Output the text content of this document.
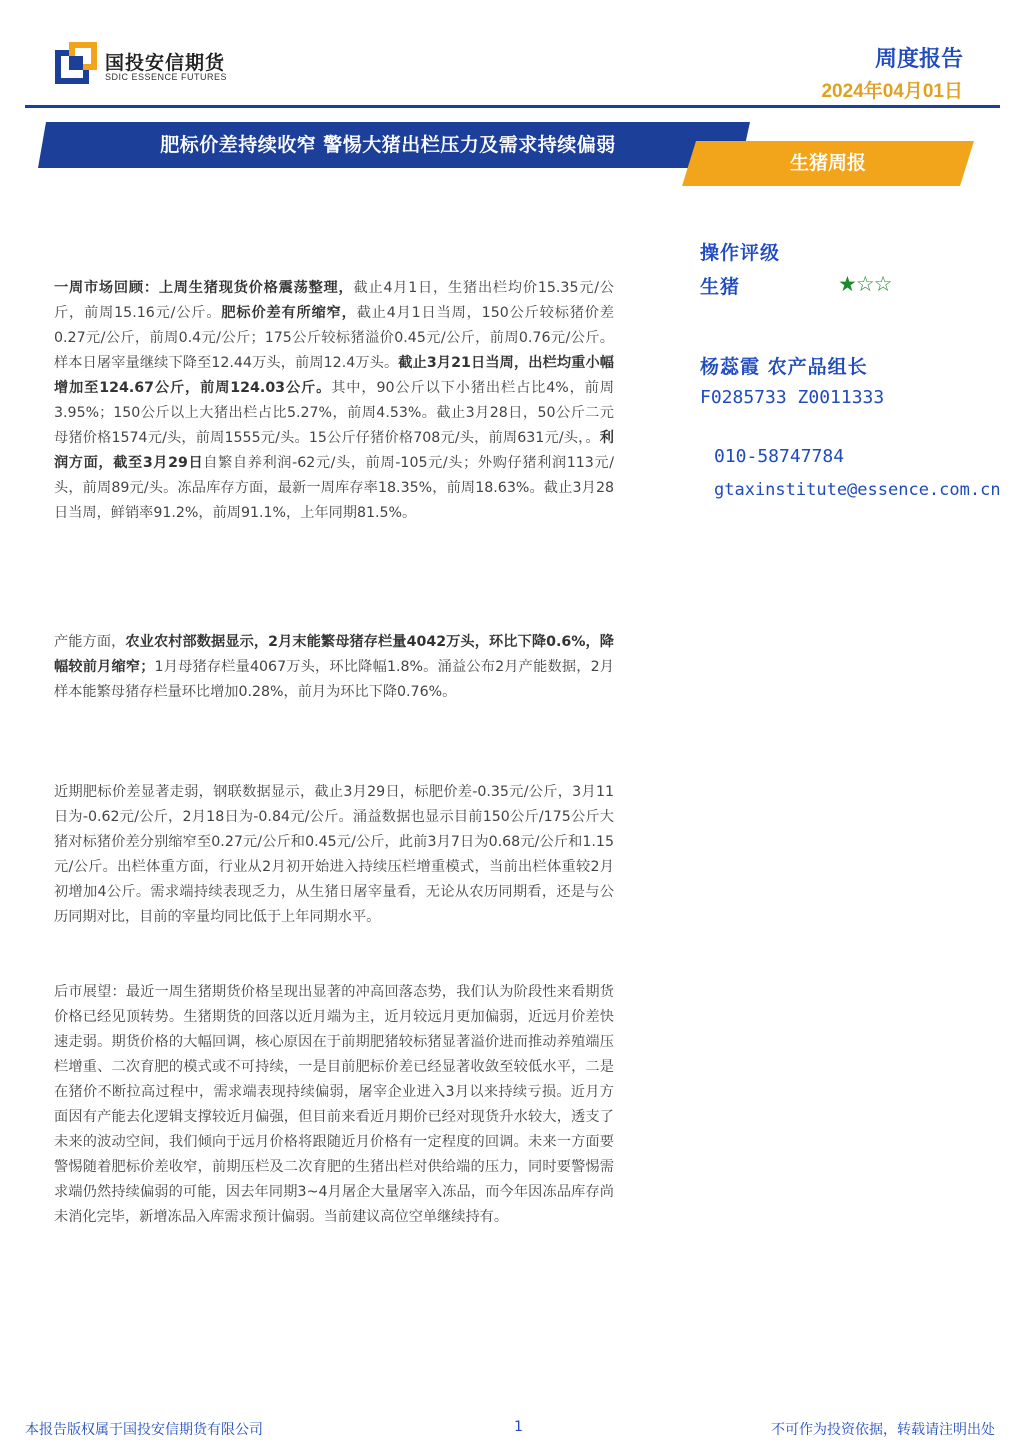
国投安信期货
SDIC ESSENCE FUTURES
周度报告
2024年04月01日
肥标价差持续收窄 警惕大猪出栏压力及需求持续偏弱
生猪周报

一周市场回顾：上周生猪现货价格震荡整理，截止4月1日，生猪出栏均价15.35元/公斤，前周15.16元/公斤。肥标价差有所缩窄，截止4月1日当周，150公斤较标猪价差0.27元/公斤，前周0.4元/公斤；175公斤较标猪溢价0.45元/公斤，前周0.76元/公斤。样本日屠宰量继续下降至12.44万头，前周12.4万头。截止3月21日当周，出栏均重小幅增加至124.67公斤，前周124.03公斤。其中，90公斤以下小猪出栏占比4%，前周3.95%；150公斤以上大猪出栏占比5.27%，前周4.53%。截止3月28日，50公斤二元母猪价格1574元/头，前周1555元/头。15公斤仔猪价格708元/头，前周631元/头，。利润方面，截至3月29日自繁自养利润-62元/头，前周-105元/头；外购仔猪利润113元/头，前周89元/头。冻品库存方面，最新一周库存率18.35%，前周18.63%。截止3月28日当周，鲜销率91.2%，前周91.1%，上年同期81.5%。

产能方面，农业农村部数据显示，2月末能繁母猪存栏量4042万头，环比下降0.6%，降幅较前月缩窄；1月母猪存栏量4067万头，环比降幅1.8%。涌益公布2月产能数据，2月样本能繁母猪存栏量环比增加0.28%，前月为环比下降0.76%。

近期肥标价差显著走弱，钢联数据显示，截止3月29日，标肥价差-0.35元/公斤，3月11日为-0.62元/公斤，2月18日为-0.84元/公斤。涌益数据也显示目前150公斤/175公斤大猪对标猪价差分别缩窄至0.27元/公斤和0.45元/公斤，此前3月7日为0.68元/公斤和1.15元/公斤。出栏体重方面，行业从2月初开始进入持续压栏增重模式，当前出栏体重较2月初增加4公斤。需求端持续表现乏力，从生猪日屠宰量看，无论从农历同期看，还是与公历同期对比，目前的宰量均同比低于上年同期水平。

后市展望：最近一周生猪期货价格呈现出显著的冲高回落态势，我们认为阶段性来看期货价格已经见顶转势。生猪期货的回落以近月端为主，近月较远月更加偏弱，近远月价差快速走弱。期货价格的大幅回调，核心原因在于前期肥猪较标猪显著溢价进而推动养殖端压栏增重、二次育肥的模式或不可持续，一是目前肥标价差已经显著收敛至较低水平，二是在猪价不断拉高过程中，需求端表现持续偏弱，屠宰企业进入3月以来持续亏损。近月方面因有产能去化逻辑支撑较近月偏强，但目前来看近月期价已经对现货升水较大，透支了未来的波动空间，我们倾向于远月价格将跟随近月价格有一定程度的回调。未来一方面要警惕随着肥标价差收窄，前期压栏及二次育肥的生猪出栏对供给端的压力，同时要警惕需求端仍然持续偏弱的可能，因去年同期3~4月屠企大量屠宰入冻品，而今年因冻品库存尚未消化完毕，新增冻品入库需求预计偏弱。当前建议高位空单继续持有。

操作评级
生猪	★☆☆
杨蕊霞 农产品组长
F0285733 Z0011333
010-58747784
gtaxinstitute@essence.com.cn
本报告版权属于国投安信期货有限公司	1	不可作为投资依据，转载请注明出处
